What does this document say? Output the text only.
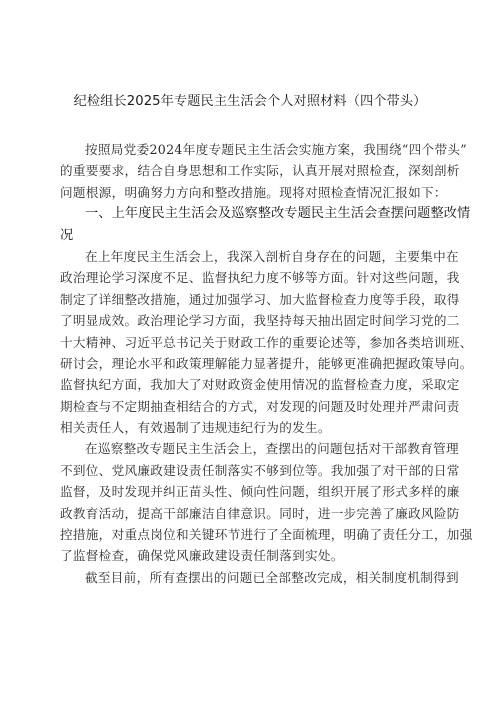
纪检组长2025年专题民主生活会个人对照材料（四个带头）
按照局党委2024年度专题民主生活会实施方案，我围绕“四个带头”
的重要要求，结合自身思想和工作实际，认真开展对照检查，深刻剖析
问题根源，明确努力方向和整改措施。现将对照检查情况汇报如下：
一、上年度民主生活会及巡察整改专题民主生活会查摆问题整改情
况
在上年度民主生活会上，我深入剖析自身存在的问题，主要集中在
政治理论学习深度不足、监督执纪力度不够等方面。针对这些问题，我
制定了详细整改措施，通过加强学习、加大监督检查力度等手段，取得
了明显成效。政治理论学习方面，我坚持每天抽出固定时间学习党的二
十大精神、习近平总书记关于财政工作的重要论述等，参加各类培训班、
研讨会，理论水平和政策理解能力显著提升，能够更准确把握政策导向。
监督执纪方面，我加大了对财政资金使用情况的监督检查力度，采取定
期检查与不定期抽查相结合的方式，对发现的问题及时处理并严肃问责
相关责任人，有效遏制了违规违纪行为的发生。
在巡察整改专题民主生活会上，查摆出的问题包括对干部教育管理
不到位、党风廉政建设责任制落实不够到位等。我加强了对干部的日常
监督，及时发现并纠正苗头性、倾向性问题，组织开展了形式多样的廉
政教育活动，提高干部廉洁自律意识。同时，进一步完善了廉政风险防
控措施，对重点岗位和关键环节进行了全面梳理，明确了责任分工，加强
了监督检查，确保党风廉政建设责任制落到实处。
截至目前，所有查摆出的问题已全部整改完成，相关制度机制得到
